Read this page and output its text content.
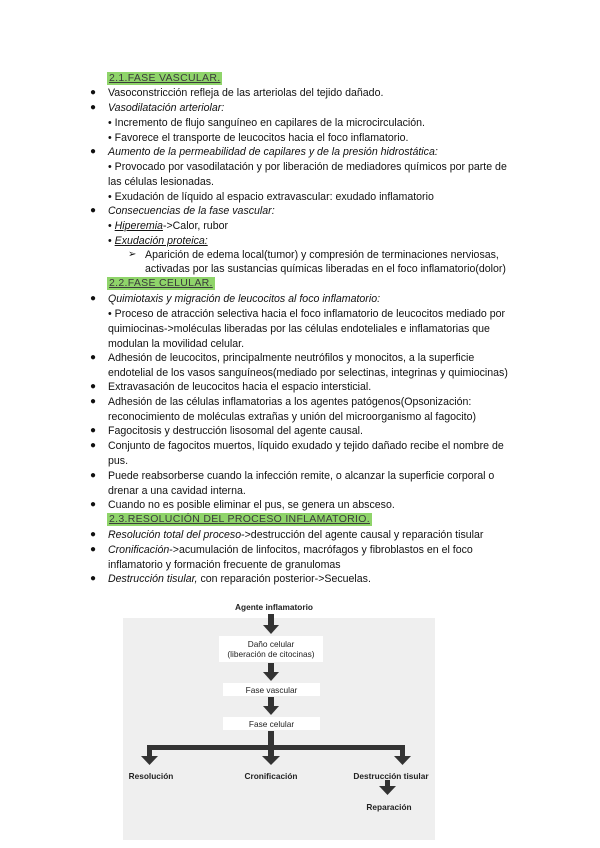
2.1.FASE VASCULAR.
● Vasoconstricción refleja de las arteriolas del tejido dañado.
● Vasodilatación arteriolar:
• Incremento de flujo sanguíneo en capilares de la microcirculación.
• Favorece el transporte de leucocitos hacia el foco inflamatorio.
● Aumento de la permeabilidad de capilares y de la presión hidrostática:
• Provocado por vasodilatación y por liberación de mediadores químicos por parte de
las células lesionadas.
• Exudación de líquido al espacio extravascular: exudado inflamatorio
● Consecuencias de la fase vascular:
• Hiperemia->Calor, rubor
• Exudación proteica:
➢ Aparición de edema local(tumor) y compresión de terminaciones nerviosas,
activadas por las sustancias químicas liberadas en el foco inflamatorio(dolor)
2.2.FASE CELULAR.
● Quimiotaxis y migración de leucocitos al foco inflamatorio:
• Proceso de atracción selectiva hacia el foco inflamatorio de leucocitos mediado por
quimiocinas->moléculas liberadas por las células endoteliales e inflamatorias que
modulan la movilidad celular.
● Adhesión de leucocitos, principalmente neutrófilos y monocitos, a la superficie
endotelial de los vasos sanguíneos(mediado por selectinas, integrinas y quimiocinas)
● Extravasación de leucocitos hacia el espacio intersticial.
● Adhesión de las células inflamatorias a los agentes patógenos(Opsonización:
reconocimiento de moléculas extrañas y unión del microorganismo al fagocito)
● Fagocitosis y destrucción lisosomal del agente causal.
● Conjunto de fagocitos muertos, líquido exudado y tejido dañado recibe el nombre de
pus.
● Puede reabsorberse cuando la infección remite, o alcanzar la superficie corporal o
drenar a una cavidad interna.
● Cuando no es posible eliminar el pus, se genera un absceso.
2.3.RESOLUCIÓN DEL PROCESO INFLAMATORIO.
● Resolución total del proceso->destrucción del agente causal y reparación tisular
● Cronificación->acumulación de linfocitos, macrófagos y fibroblastos en el foco
inflamatorio y formación frecuente de granulomas
● Destrucción tisular, con reparación posterior->Secuelas.
Agente inflamatorio
Daño celular
(liberación de citocinas)
Fase vascular
Fase celular
Resolución	Cronificación	Destrucción tisular
Reparación
